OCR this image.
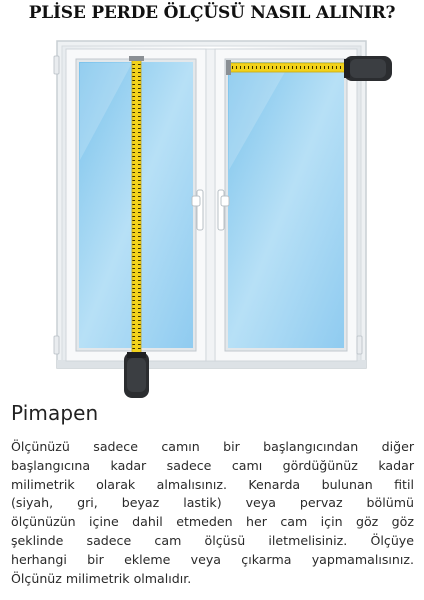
PLİSE PERDE ÖLÇÜSÜ NASIL ALINIR?
Pimapen
Ölçünüzü sadece camın bir başlangıcından diğer
başlangıcına kadar sadece camı gördüğünüz kadar
milimetrik olarak almalısınız. Kenarda bulunan fitil
(siyah, gri, beyaz lastik) veya pervaz bölümü
ölçünüzün içine dahil etmeden her cam için göz göz
şeklinde sadece cam ölçüsü iletmelisiniz. Ölçüye
herhangi bir ekleme veya çıkarma yapmamalısınız.
Ölçünüz milimetrik olmalıdır.
